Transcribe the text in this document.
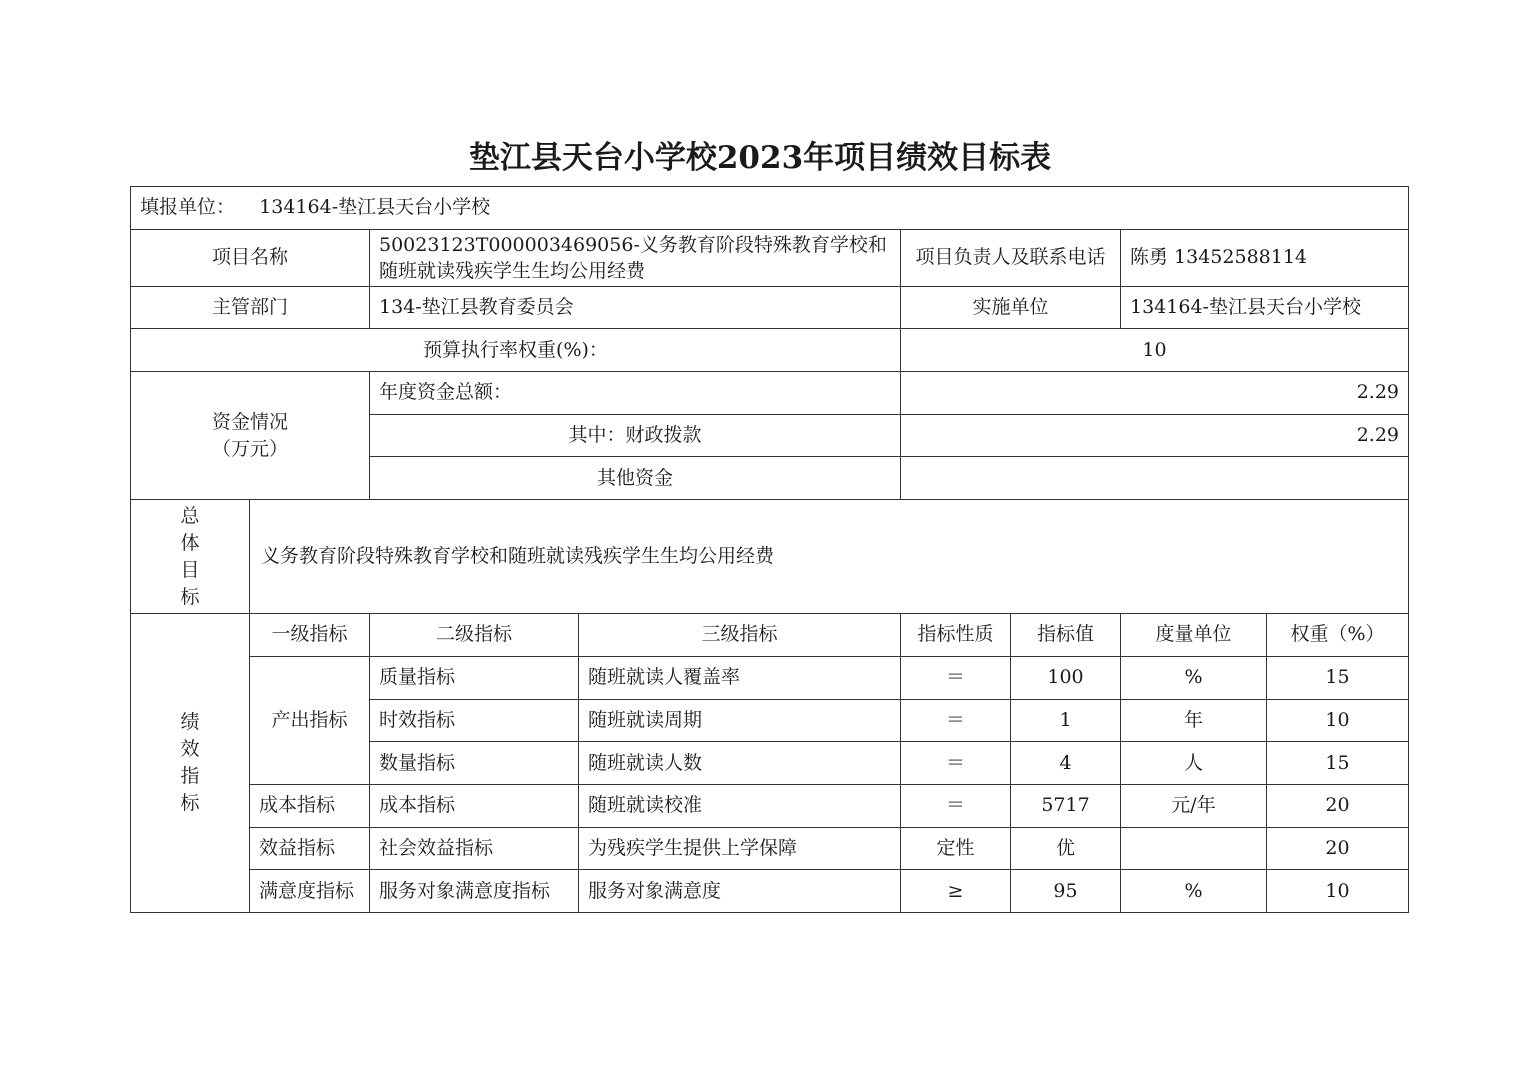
垫江县天台小学校2023年项目绩效目标表
填报单位： 134164-垫江县天台小学校							
项目名称		50023123T000003469056-义务教育阶段特殊教育学校和随班就读残疾学生生均公用经费		项目负责人及联系电话		陈勇 13452588114	
主管部门		134-垫江县教育委员会		实施单位		134164-垫江县天台小学校	
预算执行率权重(%)：				10			

资金情况
（万元）		年度资金总额：		2.29			
		其中：财政拨款		2.29			
		其他资金					

总
体
目
标	义务教育阶段特殊教育学校和随班就读残疾学生生均公用经费						

绩
效
指
标	一级指标	二级指标	三级指标	指标性质	指标值	度量单位	权重（%）
	产出指标	质量指标	随班就读人覆盖率	＝	100	%	15
		时效指标	随班就读周期	＝	1	年	10
		数量指标	随班就读人数	＝	4	人	15
	成本指标	成本指标	随班就读校准	＝	5717	元/年	20
	效益指标	社会效益指标	为残疾学生提供上学保障	定性	优		20
	满意度指标	服务对象满意度指标	服务对象满意度	≥	95	%	10
